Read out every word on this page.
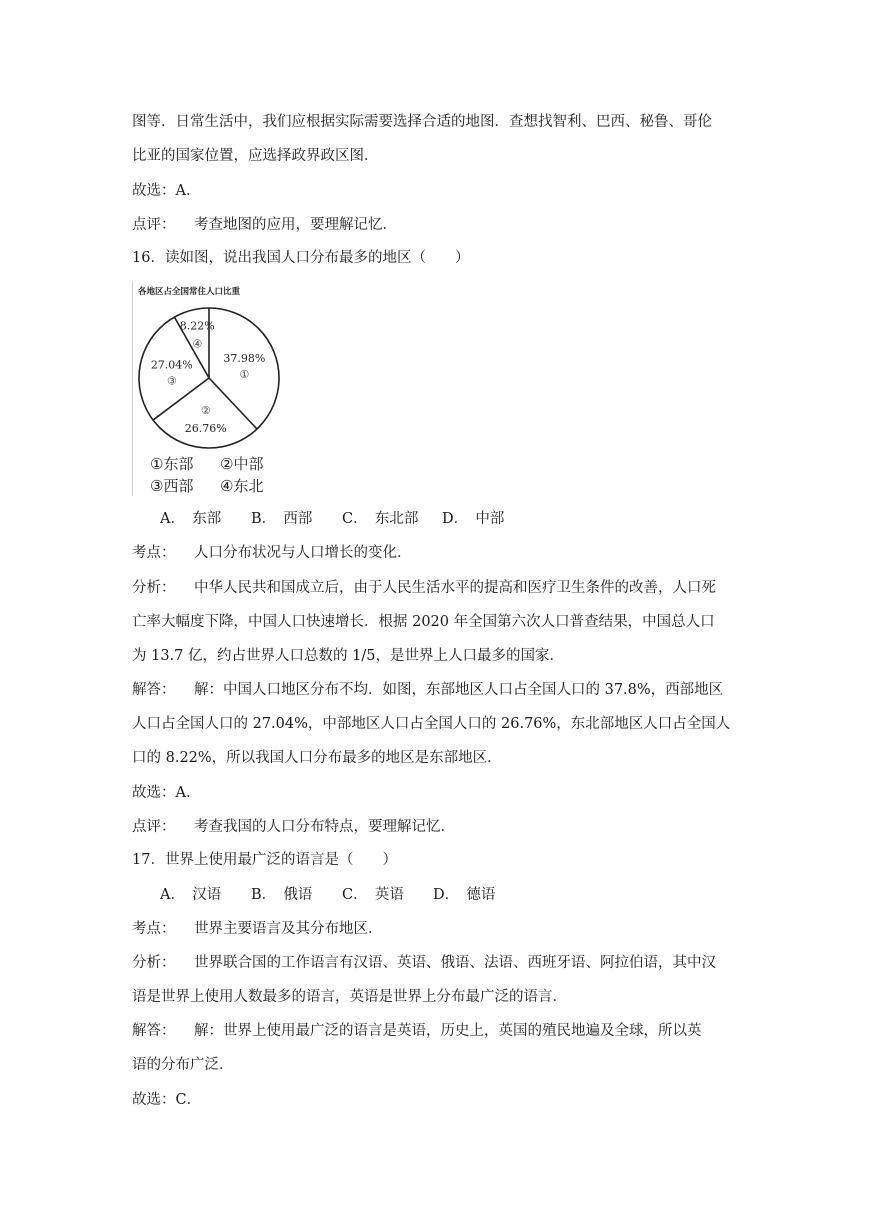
图等．日常生活中，我们应根据实际需要选择合适的地图．查想找智利、巴西、秘鲁、哥伦
比亚的国家位置，应选择政界政区图．
故选：A．
点评： 考查地图的应用，要理解记忆．
16．读如图，说出我国人口分布最多的地区（　　）
各地区占全国常住人口比重
37.98%
①
26.76%
②
27.04%
③
8.22%
④
①东部 ②中部
③西部 ④东北
A．　东部 B．　西部 C．　东北部 D．　中部
考点： 人口分布状况与人口增长的变化．
分析： 中华人民共和国成立后，由于人民生活水平的提高和医疗卫生条件的改善，人口死
亡率大幅度下降，中国人口快速增长．根据 2020 年全国第六次人口普查结果，中国总人口
为 13.7 亿，约占世界人口总数的 1/5，是世界上人口最多的国家．
解答： 解：中国人口地区分布不均．如图，东部地区人口占全国人口的 37.8%，西部地区
人口占全国人口的 27.04%，中部地区人口占全国人口的 26.76%，东北部地区人口占全国人
口的 8.22%，所以我国人口分布最多的地区是东部地区．
故选：A．
点评： 考查我国的人口分布特点，要理解记忆．
17．世界上使用最广泛的语言是（　　）
A．　汉语 B．　俄语 C．　英语 D．　德语
考点： 世界主要语言及其分布地区．
分析： 世界联合国的工作语言有汉语、英语、俄语、法语、西班牙语、阿拉伯语，其中汉
语是世界上使用人数最多的语言，英语是世界上分布最广泛的语言．
解答： 解：世界上使用最广泛的语言是英语，历史上，英国的殖民地遍及全球，所以英
语的分布广泛．
故选：C．
